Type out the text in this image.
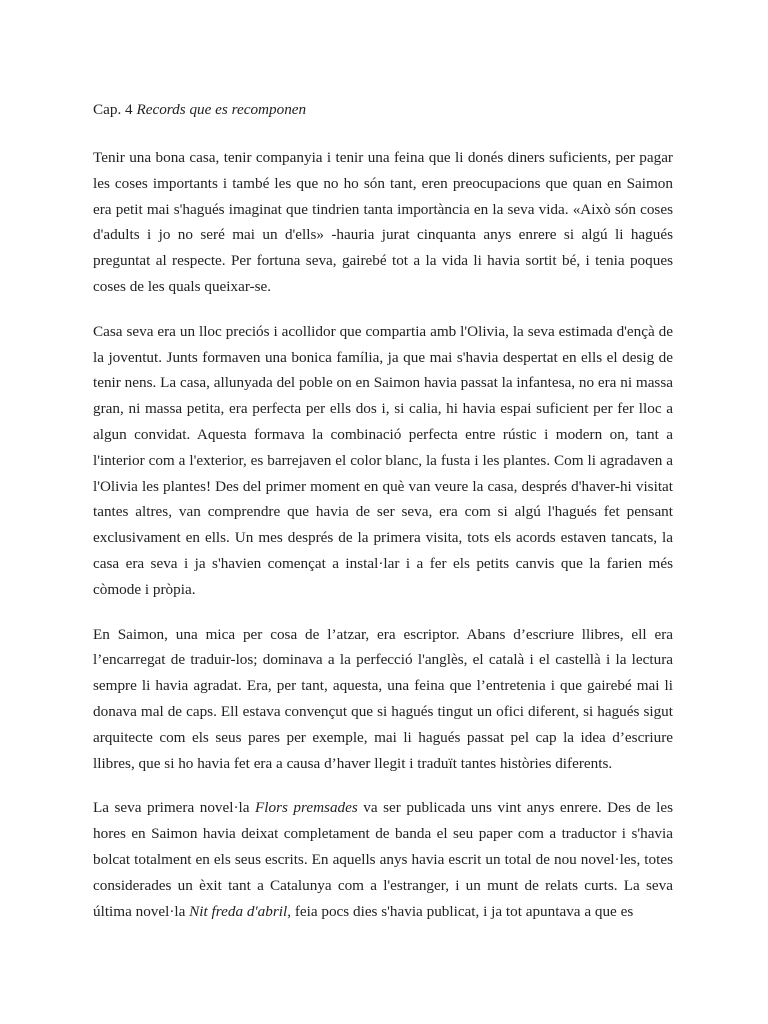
Cap. 4 Records que es recomponen

Tenir una bona casa, tenir companyia i tenir una feina que li donés diners suficients, per pagar les coses importants i també les que no ho són tant, eren preocupacions que quan en Saimon era petit mai s'hagués imaginat que tindrien tanta importància en la seva vida. «Això són coses d'adults i jo no seré mai un d'ells» -hauria jurat cinquanta anys enrere si algú li hagués preguntat al respecte. Per fortuna seva, gairebé tot a la vida li havia sortit bé, i tenia poques coses de les quals queixar-se.

Casa seva era un lloc preciós i acollidor que compartia amb l'Olivia, la seva estimada d'ençà de la joventut. Junts formaven una bonica família, ja que mai s'havia despertat en ells el desig de tenir nens. La casa, allunyada del poble on en Saimon havia passat la infantesa, no era ni massa gran, ni massa petita, era perfecta per ells dos i, si calia, hi havia espai suficient per fer lloc a algun convidat. Aquesta formava la combinació perfecta entre rústic i modern on, tant a l'interior com a l'exterior, es barrejaven el color blanc, la fusta i les plantes. Com li agradaven a l'Olivia les plantes! Des del primer moment en què van veure la casa, després d'haver-hi visitat tantes altres, van comprendre que havia de ser seva, era com si algú l'hagués fet pensant exclusivament en ells. Un mes després de la primera visita, tots els acords estaven tancats, la casa era seva i ja s'havien començat a instal·lar i a fer els petits canvis que la farien més còmode i pròpia.

En Saimon, una mica per cosa de l’atzar, era escriptor. Abans d’escriure llibres, ell era l’encarregat de traduir-los; dominava a la perfecció l'anglès, el català i el castellà i la lectura sempre li havia agradat. Era, per tant, aquesta, una feina que l’entretenia i que gairebé mai li donava mal de caps. Ell estava convençut que si hagués tingut un ofici diferent, si hagués sigut arquitecte com els seus pares per exemple, mai li hagués passat pel cap la idea d’escriure llibres, que si ho havia fet era a causa d’haver llegit i traduït tantes històries diferents.

La seva primera novel·la Flors premsades va ser publicada uns vint anys enrere. Des de les hores en Saimon havia deixat completament de banda el seu paper com a traductor i s'havia bolcat totalment en els seus escrits. En aquells anys havia escrit un total de nou novel·les, totes considerades un èxit tant a Catalunya com a l'estranger, i un munt de relats curts. La seva última novel·la Nit freda d'abril, feia pocs dies s'havia publicat, i ja tot apuntava a que es
